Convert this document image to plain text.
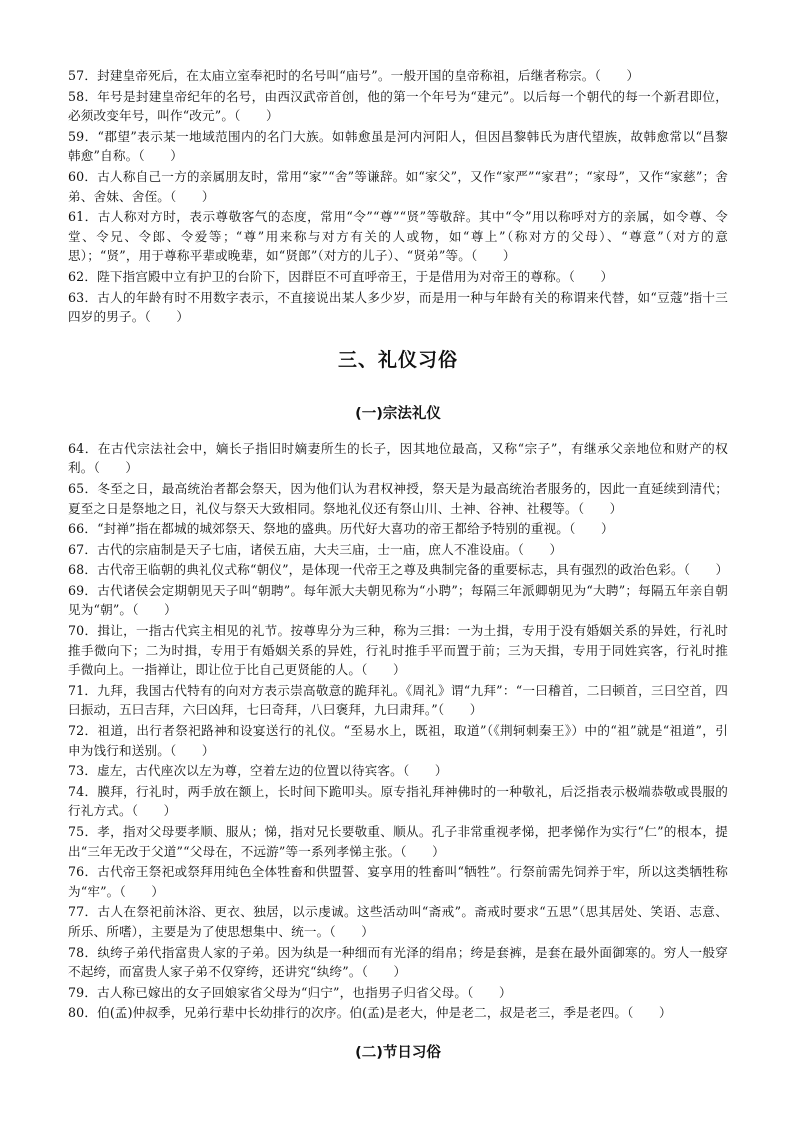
57．封建皇帝死后，在太庙立室奉祀时的名号叫“庙号”。一般开国的皇帝称祖，后继者称宗。（　　）

58．年号是封建皇帝纪年的名号，由西汉武帝首创，他的第一个年号为“建元”。以后每一个朝代的每一个新君即位，必须改变年号，叫作“改元”。（　　）

59．“郡望”表示某一地域范围内的名门大族。如韩愈虽是河内河阳人，但因昌黎韩氏为唐代望族，故韩愈常以“昌黎韩愈”自称。（　　）

60．古人称自己一方的亲属朋友时，常用“家”“舍”等谦辞。如“家父”，又作“家严”“家君”；“家母”，又作“家慈”；舍弟、舍妹、舍侄。（　　）

61．古人称对方时，表示尊敬客气的态度，常用“令”“尊”“贤”等敬辞。其中“令”用以称呼对方的亲属，如令尊、令堂、令兄、令郎、令爱等；“尊”用来称与对方有关的人或物，如“尊上”（称对方的父母）、“尊意”（对方的意思）；“贤”，用于尊称平辈或晚辈，如“贤郎”（对方的儿子）、“贤弟”等。（　　）

62．陛下指宫殿中立有护卫的台阶下，因群臣不可直呼帝王，于是借用为对帝王的尊称。（　　）

63．古人的年龄有时不用数字表示，不直接说出某人多少岁，而是用一种与年龄有关的称谓来代替，如“豆蔻”指十三四岁的男子。（　　）

三、礼仪习俗
(一)宗法礼仪

64．在古代宗法社会中，嫡长子指旧时嫡妻所生的长子，因其地位最高，又称“宗子”，有继承父亲地位和财产的权利。（　　）

65．冬至之日，最高统治者都会祭天，因为他们认为君权神授，祭天是为最高统治者服务的，因此一直延续到清代；夏至之日是祭地之日，礼仪与祭天大致相同。祭地礼仪还有祭山川、土神、谷神、社稷等。（　　）

66．“封禅”指在都城的城郊祭天、祭地的盛典。历代好大喜功的帝王都给予特别的重视。（　　）

67．古代的宗庙制是天子七庙，诸侯五庙，大夫三庙，士一庙，庶人不准设庙。（　　）

68．古代帝王临朝的典礼仪式称“朝仪”，是体现一代帝王之尊及典制完备的重要标志，具有强烈的政治色彩。（　　）

69．古代诸侯会定期朝见天子叫“朝聘”。每年派大夫朝见称为“小聘”；每隔三年派卿朝见为“大聘”；每隔五年亲自朝见为“朝”。（　　）

70．揖让，一指古代宾主相见的礼节。按尊卑分为三种，称为三揖：一为土揖，专用于没有婚姻关系的异姓，行礼时推手微向下；二为时揖，专用于有婚姻关系的异姓，行礼时推手平而置于前；三为天揖，专用于同姓宾客，行礼时推手微向上。一指禅让，即让位于比自己更贤能的人。（　　）

71．九拜，我国古代特有的向对方表示崇高敬意的跪拜礼。《周礼》谓“九拜”：“一曰稽首，二曰顿首，三曰空首，四曰振动，五曰吉拜，六曰凶拜，七曰奇拜，八曰褒拜，九曰肃拜。”（　　）

72．祖道，出行者祭祀路神和设宴送行的礼仪。“至易水上，既祖，取道”（《荆轲刺秦王》）中的“祖”就是“祖道”，引申为饯行和送别。（　　）

73．虚左，古代座次以左为尊，空着左边的位置以待宾客。（　　）

74．膜拜，行礼时，两手放在额上，长时间下跪叩头。原专指礼拜神佛时的一种敬礼，后泛指表示极端恭敬或畏服的行礼方式。（　　）

75．孝，指对父母要孝顺、服从；悌，指对兄长要敬重、顺从。孔子非常重视孝悌，把孝悌作为实行“仁”的根本，提出“三年无改于父道”“父母在，不远游”等一系列孝悌主张。（　　）

76．古代帝王祭祀或祭拜用纯色全体牲畜和供盟誓、宴享用的牲畜叫“牺牲”。行祭前需先饲养于牢，所以这类牺牲称为“牢”。（　　）

77．古人在祭祀前沐浴、更衣、独居，以示虔诚。这些活动叫“斋戒”。斋戒时要求“五思”（思其居处、笑语、志意、所乐、所嗜），主要是为了使思想集中、统一。（　　）

78．纨绔子弟代指富贵人家的子弟。因为纨是一种细而有光泽的绢帛；绔是套裤，是套在最外面御寒的。穷人一般穿不起绔，而富贵人家子弟不仅穿绔，还讲究“纨绔”。（　　）

79．古人称已嫁出的女子回娘家省父母为“归宁”，也指男子归省父母。（　　）

80．伯(孟)仲叔季，兄弟行辈中长幼排行的次序。伯(孟)是老大，仲是老二，叔是老三，季是老四。（　　）

(二)节日习俗
